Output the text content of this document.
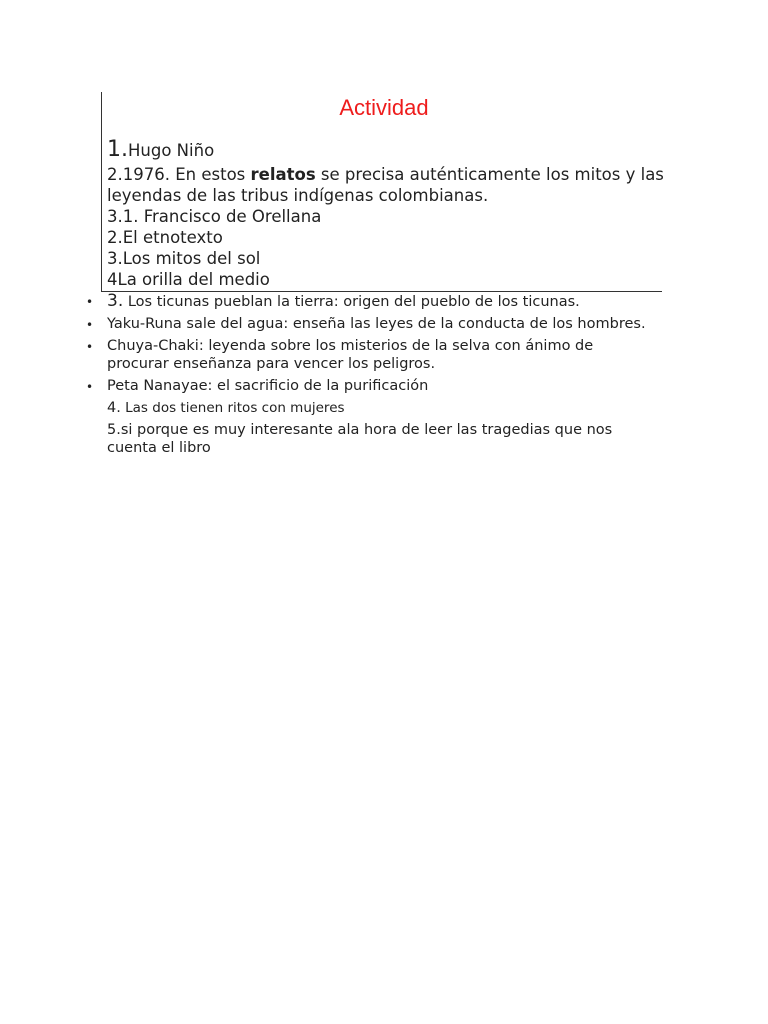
Actividad
1.Hugo Niño
2.1976. En estos relatos se precisa auténticamente los mitos y las leyendas de las tribus indígenas colombianas.
3.1. Francisco de Orellana
2.El etnotexto
3.Los mitos del sol
4La orilla del medio
• 3. Los ticunas pueblan la tierra: origen del pueblo de los ticunas.
• Yaku-Runa sale del agua: enseña las leyes de la conducta de los hombres.
• Chuya-Chaki: leyenda sobre los misterios de la selva con ánimo de procurar enseñanza para vencer los peligros.
• Peta Nanayae: el sacrificio de la purificación
4. Las dos tienen ritos con mujeres
5.si porque es muy interesante ala hora de leer las tragedias que nos cuenta el libro
